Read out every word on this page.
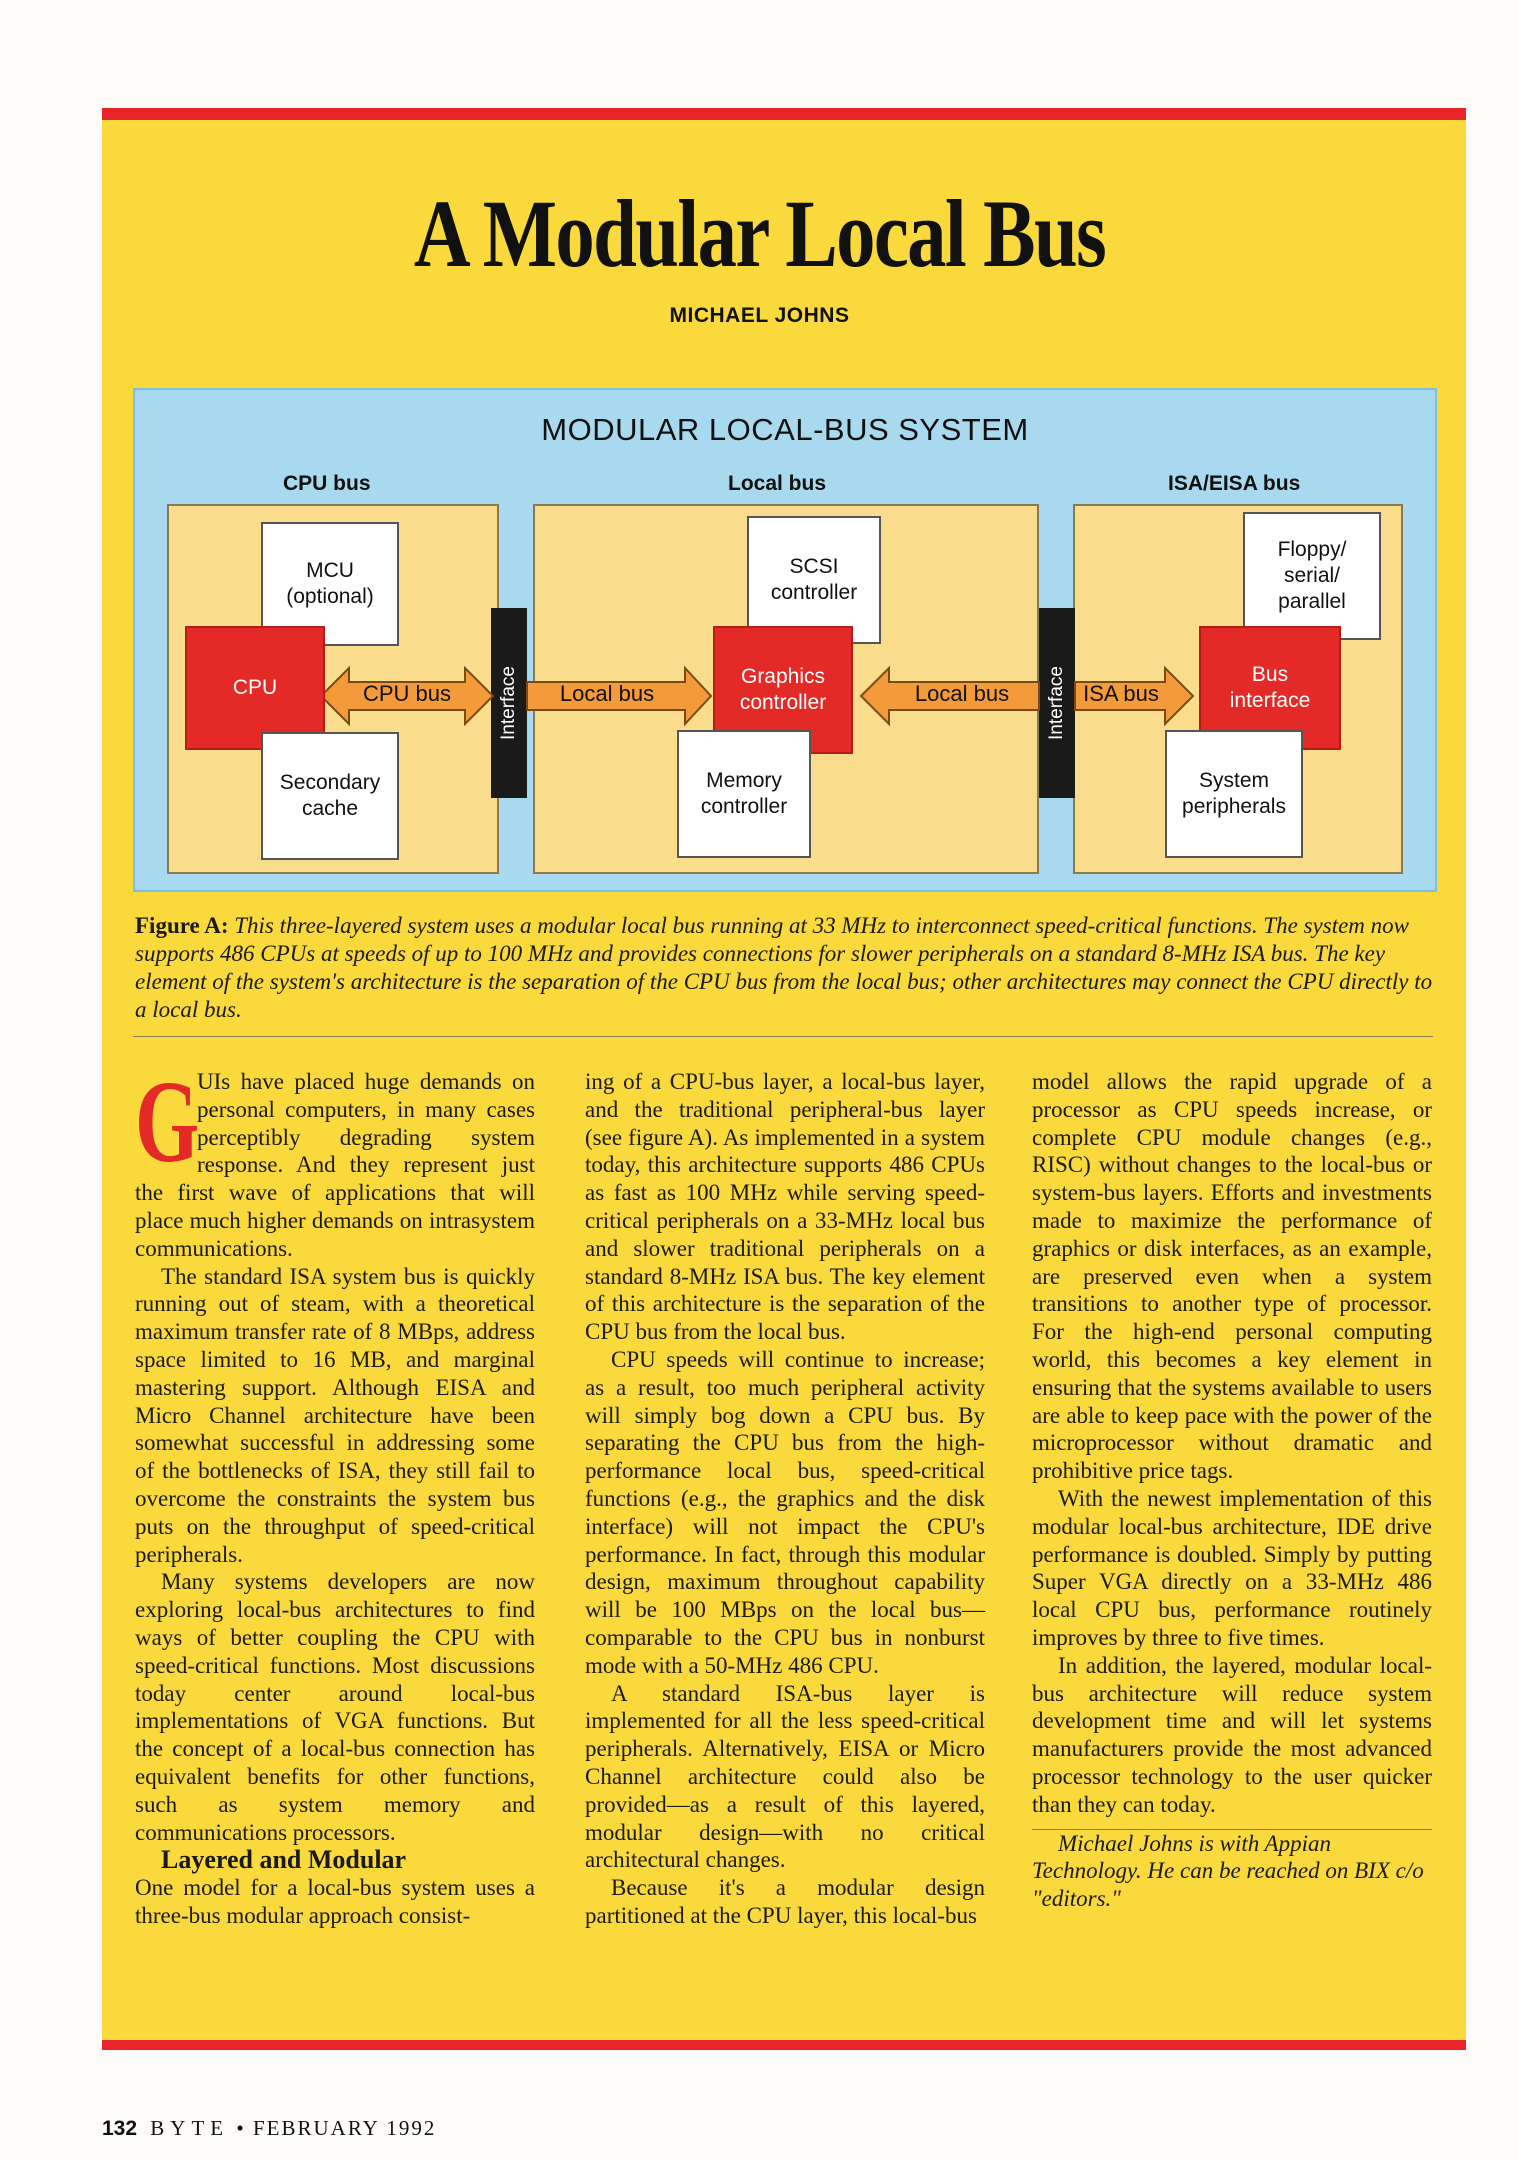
A Modular Local Bus
MICHAEL JOHNS
MODULAR LOCAL-BUS SYSTEM
CPU bus	Local bus	ISA/EISA bus
Interface	Interface
CPU bus	Local bus	Local bus	ISA bus
MCU
(optional)
CPU
Secondary
cache
SCSI
controller
Graphics
controller
Memory
controller
Floppy/
serial/
parallel
Bus
interface
System
peripherals
Figure A: This three-layered system uses a modular local bus running at 33 MHz to interconnect speed-critical functions. The system now supports 486 CPUs at speeds of up to 100 MHz and provides connections for slower peripherals on a standard 8-MHz ISA bus. The key element of the system's architecture is the separation of the CPU bus from the local bus; other architectures may connect the CPU directly to a local bus.
G

UIs have placed huge demands on personal computers, in many cases perceptibly degrading system response. And they represent just the first wave of applications that will place much higher demands on intrasystem communications.

The standard ISA system bus is quickly running out of steam, with a theoretical maximum transfer rate of 8 MBps, address space limited to 16 MB, and marginal mastering support. Although EISA and Micro Channel architecture have been somewhat successful in addressing some of the bottlenecks of ISA, they still fail to overcome the constraints the system bus puts on the throughput of speed-critical peripherals.

Many systems developers are now exploring local-bus architectures to find ways of better coupling the CPU with speed-critical functions. Most discussions today center around local-bus implementations of VGA functions. But the concept of a local-bus connection has equivalent benefits for other functions, such as system memory and communications processors.

Layered and Modular

One model for a local-bus system uses a three-bus modular approach consist-

ing of a CPU-bus layer, a local-bus layer, and the traditional peripheral-bus layer (see figure A). As implemented in a system today, this architecture supports 486 CPUs as fast as 100 MHz while serving speed-critical peripherals on a 33-MHz local bus and slower traditional peripherals on a standard 8-MHz ISA bus. The key element of this architecture is the separation of the CPU bus from the local bus.

CPU speeds will continue to increase; as a result, too much peripheral activity will simply bog down a CPU bus. By separating the CPU bus from the high-performance local bus, speed-critical functions (e.g., the graphics and the disk interface) will not impact the CPU's performance. In fact, through this modular design, maximum throughout capability will be 100 MBps on the local bus—comparable to the CPU bus in nonburst mode with a 50-MHz 486 CPU.

A standard ISA-bus layer is implemented for all the less speed-critical peripherals. Alternatively, EISA or Micro Channel architecture could also be provided—as a result of this layered, modular design—with no critical architectural changes.

Because it's a modular design partitioned at the CPU layer, this local-bus

model allows the rapid upgrade of a processor as CPU speeds increase, or complete CPU module changes (e.g., RISC) without changes to the local-bus or system-bus layers. Efforts and investments made to maximize the performance of graphics or disk interfaces, as an example, are preserved even when a system transitions to another type of processor. For the high-end personal computing world, this becomes a key element in ensuring that the systems available to users are able to keep pace with the power of the microprocessor without dramatic and prohibitive price tags.

With the newest implementation of this modular local-bus architecture, IDE drive performance is doubled. Simply by putting Super VGA directly on a 33-MHz 486 local CPU bus, performance routinely improves by three to five times.

In addition, the layered, modular local-bus architecture will reduce system development time and will let systems manufacturers provide the most advanced processor technology to the user quicker than they can today.

Michael Johns is with Appian Technology. He can be reached on BIX c/o "editors."

132 BYTE • FEBRUARY 1992
